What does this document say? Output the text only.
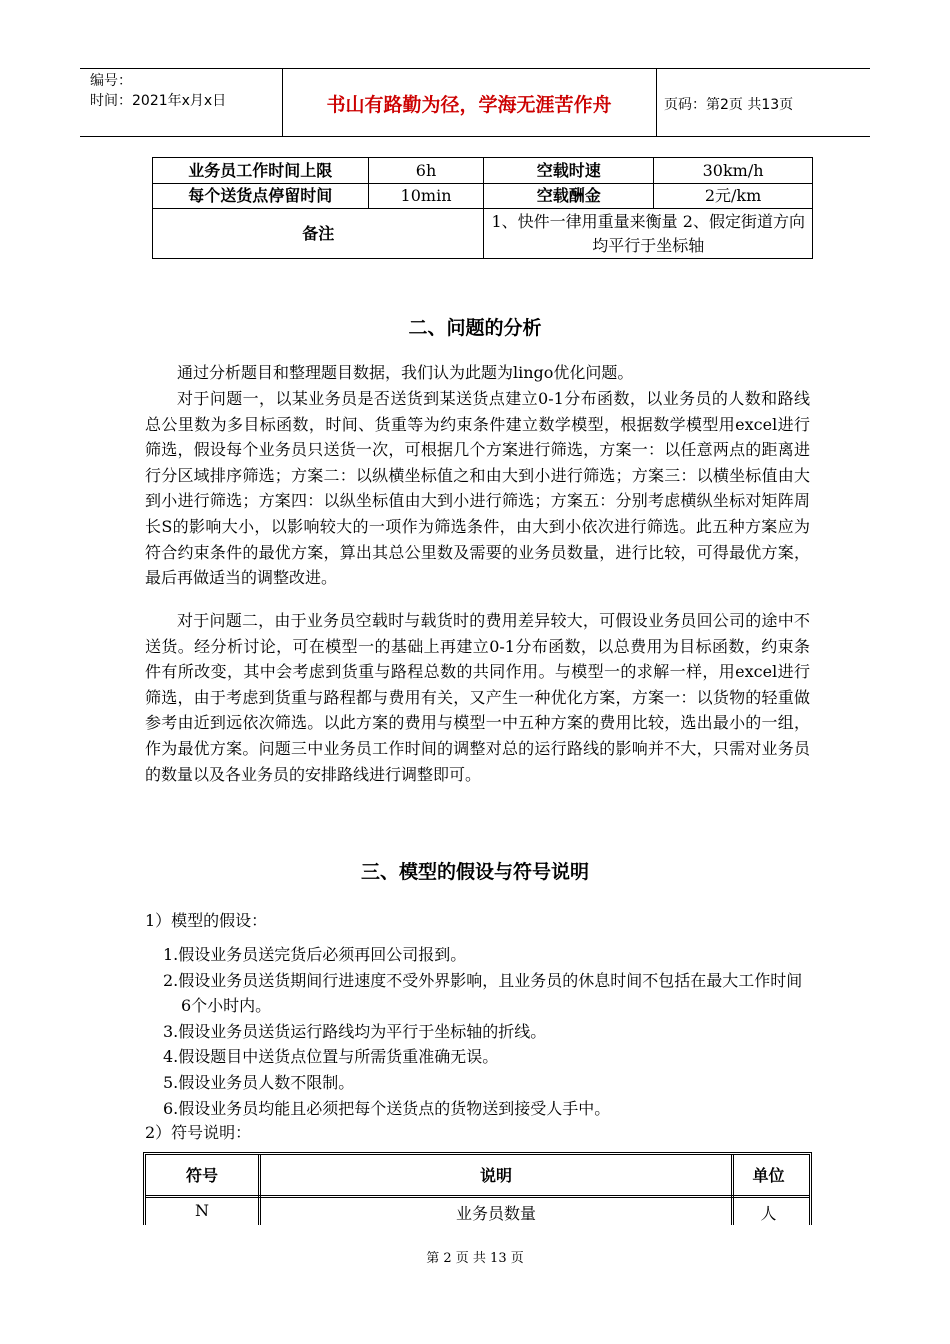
编号：
时间：2021年x月x日	书山有路勤为径，学海无涯苦作舟	页码：第2页 共13页
业务员工作时间上限	6h	空载时速	30km/h
每个送货点停留时间	10min	空载酬金	2元/km
备注		1、快件一律用重量来衡量 2、假定街道方向均平行于坐标轴	
二、问题的分析

通过分析题目和整理题目数据，我们认为此题为lingo优化问题。

对于问题一，以某业务员是否送货到某送货点建立0-1分布函数，以业务员的人数和路线总公里数为多目标函数，时间、货重等为约束条件建立数学模型，根据数学模型用excel进行筛选，假设每个业务员只送货一次，可根据几个方案进行筛选，方案一：以任意两点的距离进行分区域排序筛选；方案二：以纵横坐标值之和由大到小进行筛选；方案三：以横坐标值由大到小进行筛选；方案四：以纵坐标值由大到小进行筛选；方案五：分别考虑横纵坐标对矩阵周长S的影响大小，以影响较大的一项作为筛选条件，由大到小依次进行筛选。此五种方案应为符合约束条件的最优方案，算出其总公里数及需要的业务员数量，进行比较，可得最优方案，最后再做适当的调整改进。

对于问题二，由于业务员空载时与载货时的费用差异较大，可假设业务员回公司的途中不送货。经分析讨论，可在模型一的基础上再建立0-1分布函数，以总费用为目标函数，约束条件有所改变，其中会考虑到货重与路程总数的共同作用。与模型一的求解一样，用excel进行筛选，由于考虑到货重与路程都与费用有关，又产生一种优化方案，方案一：以货物的轻重做参考由近到远依次筛选。以此方案的费用与模型一中五种方案的费用比较，选出最小的一组，作为最优方案。问题三中业务员工作时间的调整对总的运行路线的影响并不大，只需对业务员的数量以及各业务员的安排路线进行调整即可。

三、模型的假设与符号说明

1）模型的假设：

1.假设业务员送完货后必须再回公司报到。
2.假设业务员送货期间行进速度不受外界影响，且业务员的休息时间不包括在最大工作时间6个小时内。
3.假设业务员送货运行路线均为平行于坐标轴的折线。
4.假设题目中送货点位置与所需货重准确无误。
5.假设业务员人数不限制。
6.假设业务员均能且必须把每个送货点的货物送到接受人手中。

2）符号说明：

符号	说明	单位
N	业务员数量	人
第 2 页 共 13 页
